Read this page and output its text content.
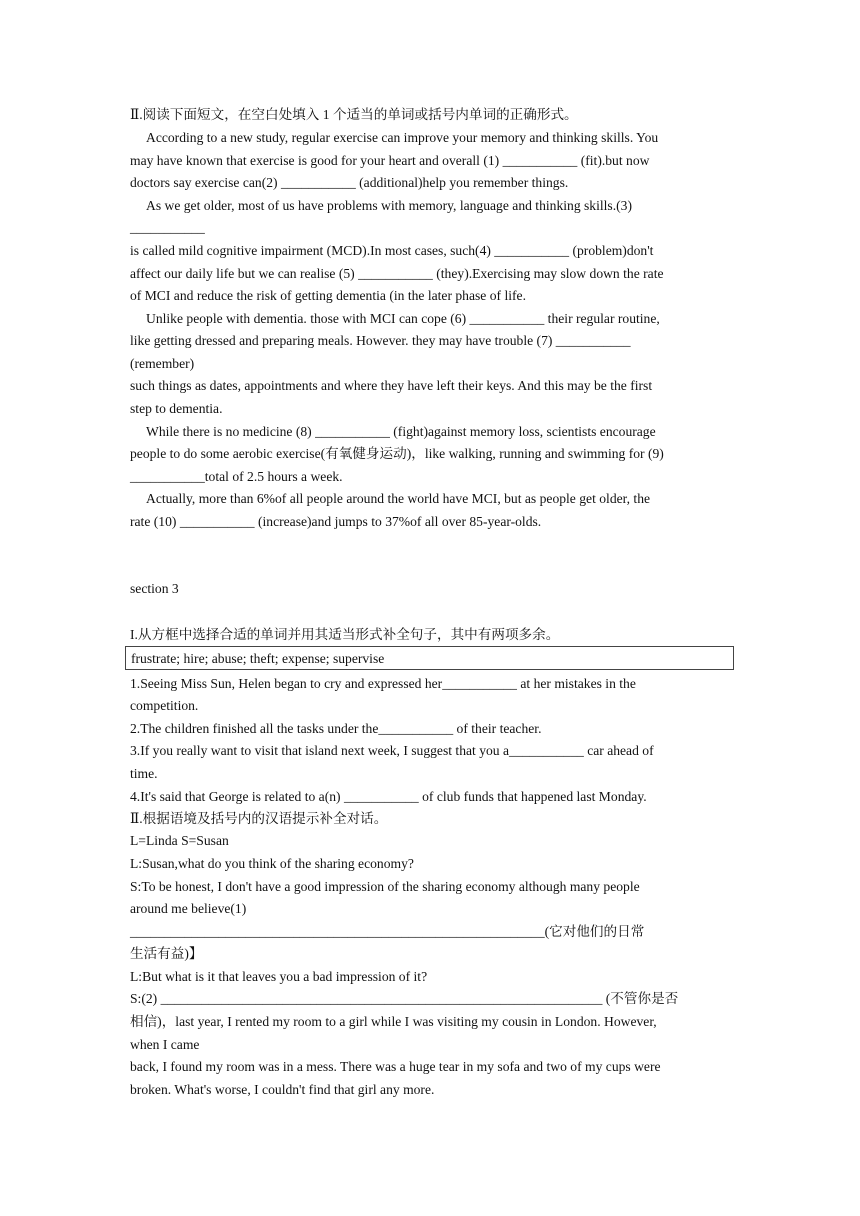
Ⅱ.阅读下面短文，在空白处填入 1 个适当的单词或括号内单词的正确形式。
According to a new study, regular exercise can improve your memory and thinking skills. You
may have known that exercise is good for your heart and overall (1) ___________ (fit).but now
doctors say exercise can(2) ___________ (additional)help you remember things.
As we get older, most of us have problems with memory, language and thinking skills.(3)
___________
is called mild cognitive impairment (MCD).In most cases, such(4) ___________ (problem)don't
affect our daily life but we can realise (5) ___________ (they).Exercising may slow down the rate
of MCI and reduce the risk of getting dementia (in the later phase of life.
Unlike people with dementia. those with MCI can cope (6) ___________ their regular routine,
like getting dressed and preparing meals. However. they may have trouble (7) ___________
(remember)
such things as dates, appointments and where they have left their keys. And this may be the first
step to dementia.
While there is no medicine (8) ___________ (fight)against memory loss, scientists encourage
people to do some aerobic exercise(有氧健身运动)，like walking, running and swimming for (9)
___________total of 2.5 hours a week.
Actually, more than 6%of all people around the world have MCI, but as people get older, the
rate (10) ___________ (increase)and jumps to 37%of all over 85-year-olds.
section 3
I.从方框中选择合适的单词并用其适当形式补全句子，其中有两项多余。
frustrate; hire; abuse; theft; expense; supervise
1.Seeing Miss Sun, Helen began to cry and expressed her___________ at her mistakes in the
competition.
2.The children finished all the tasks under the___________ of their teacher.
3.If you really want to visit that island next week, I suggest that you a___________ car ahead of
time.
4.It's said that George is related to a(n) ___________ of club funds that happened last Monday.
Ⅱ.根据语境及括号内的汉语提示补全对话。
L=Linda S=Susan
L:Susan,what do you think of the sharing economy?
S:To be honest, I don't have a good impression of the sharing economy although many people
around me believe(1)
_____________________________________________________________(它对他们的日常
生活有益)】
L:But what is it that leaves you a bad impression of it?
S:(2) _________________________________________________________________ (不管你是否
相信)，last year, I rented my room to a girl while I was visiting my cousin in London. However,
when I came
back, I found my room was in a mess. There was a huge tear in my sofa and two of my cups were
broken. What's worse, I couldn't find that girl any more.
